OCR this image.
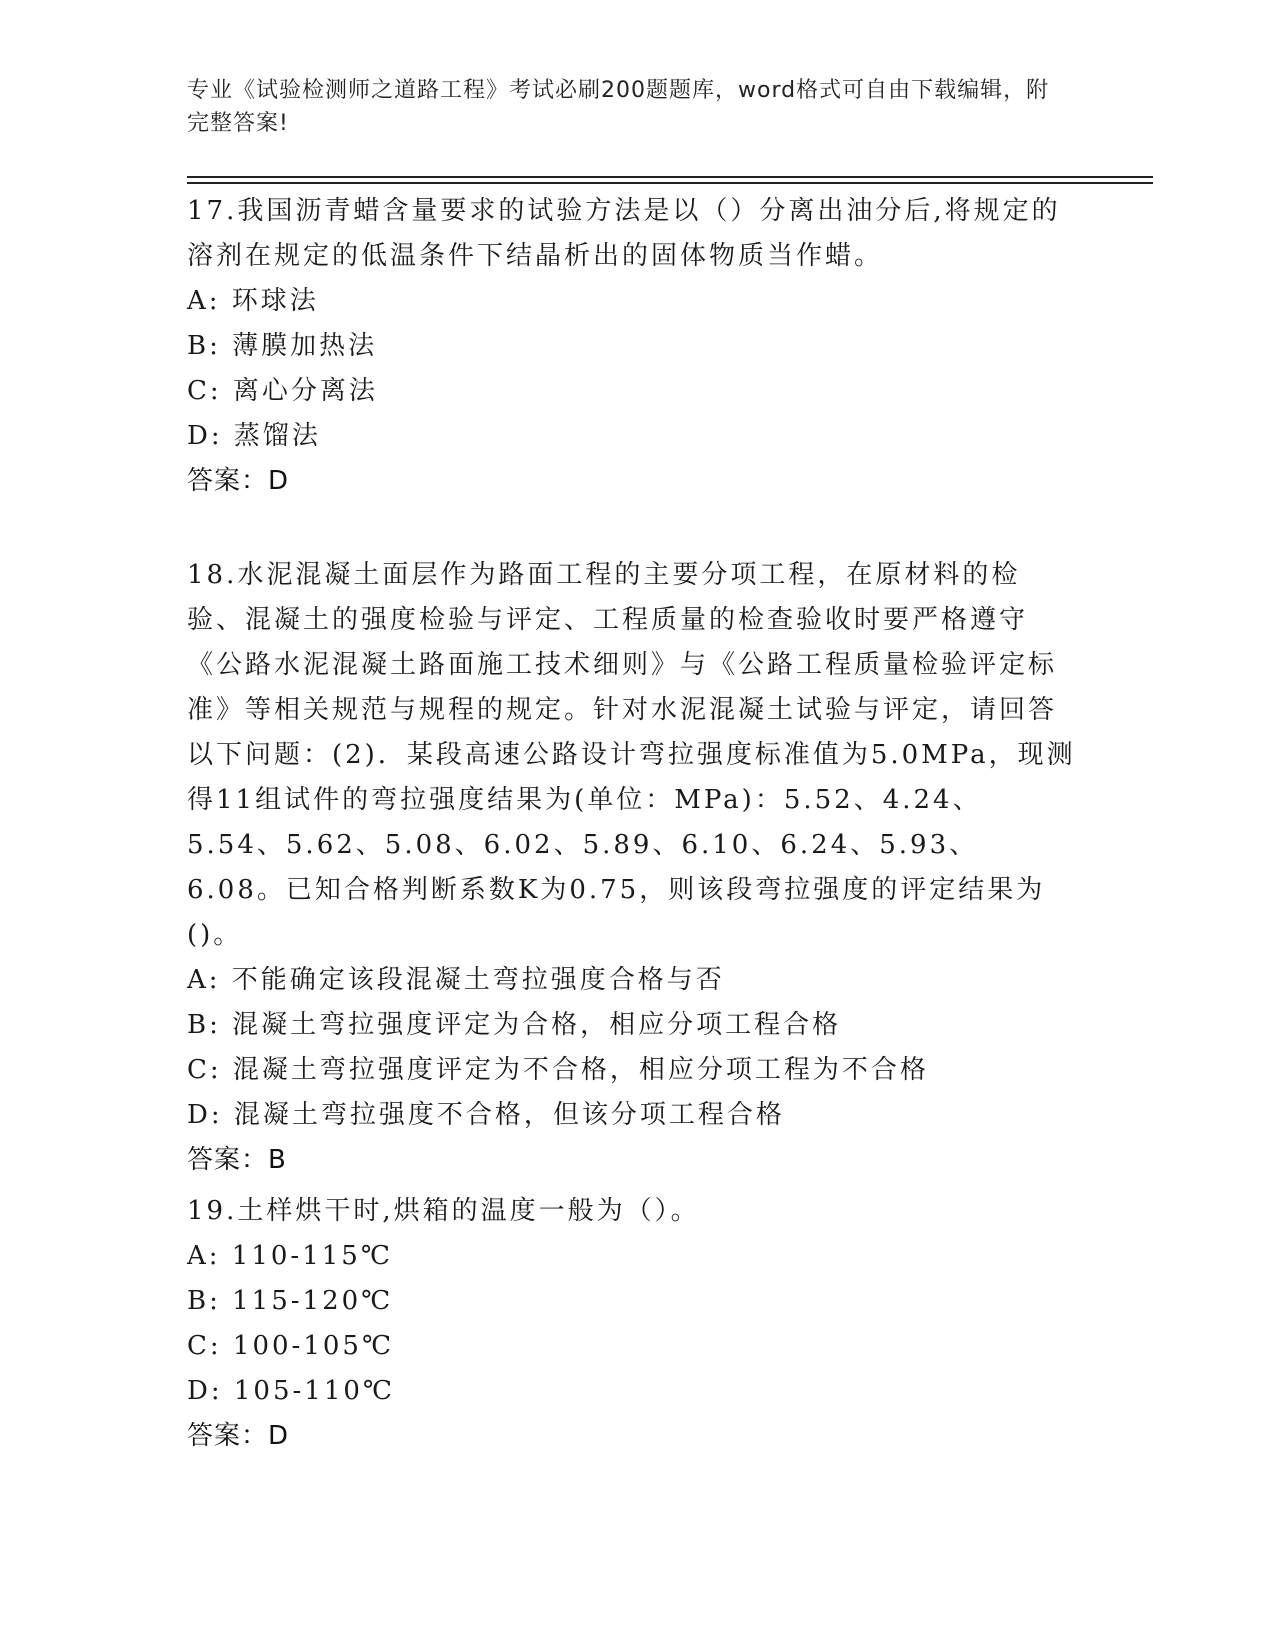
专业《试验检测师之道路工程》考试必刷200题题库，word格式可自由下载编辑，附完整答案!

17.我国沥青蜡含量要求的试验方法是以（）分离出油分后,将规定的溶剂在规定的低温条件下结晶析出的固体物质当作蜡。

A: 环球法

B: 薄膜加热法

C: 离心分离法

D: 蒸馏法

答案：D

18.水泥混凝土面层作为路面工程的主要分项工程，在原材料的检验、混凝土的强度检验与评定、工程质量的检查验收时要严格遵守《公路水泥混凝土路面施工技术细则》与《公路工程质量检验评定标准》等相关规范与规程的规定。针对水泥混凝土试验与评定，请回答以下问题：(2)．某段高速公路设计弯拉强度标准值为5.0MPa，现测得11组试件的弯拉强度结果为(单位：MPa)：5.52、4.24、5.54、5.62、5.08、6.02、5.89、6.10、6.24、5.93、6.08。已知合格判断系数K为0.75，则该段弯拉强度的评定结果为()。

A: 不能确定该段混凝土弯拉强度合格与否

B: 混凝土弯拉强度评定为合格，相应分项工程合格

C: 混凝土弯拉强度评定为不合格，相应分项工程为不合格

D: 混凝土弯拉强度不合格，但该分项工程合格

答案：B

19.土样烘干时,烘箱的温度一般为（）。

A: 110-115℃

B: 115-120℃

C: 100-105℃

D: 105-110℃

答案：D
